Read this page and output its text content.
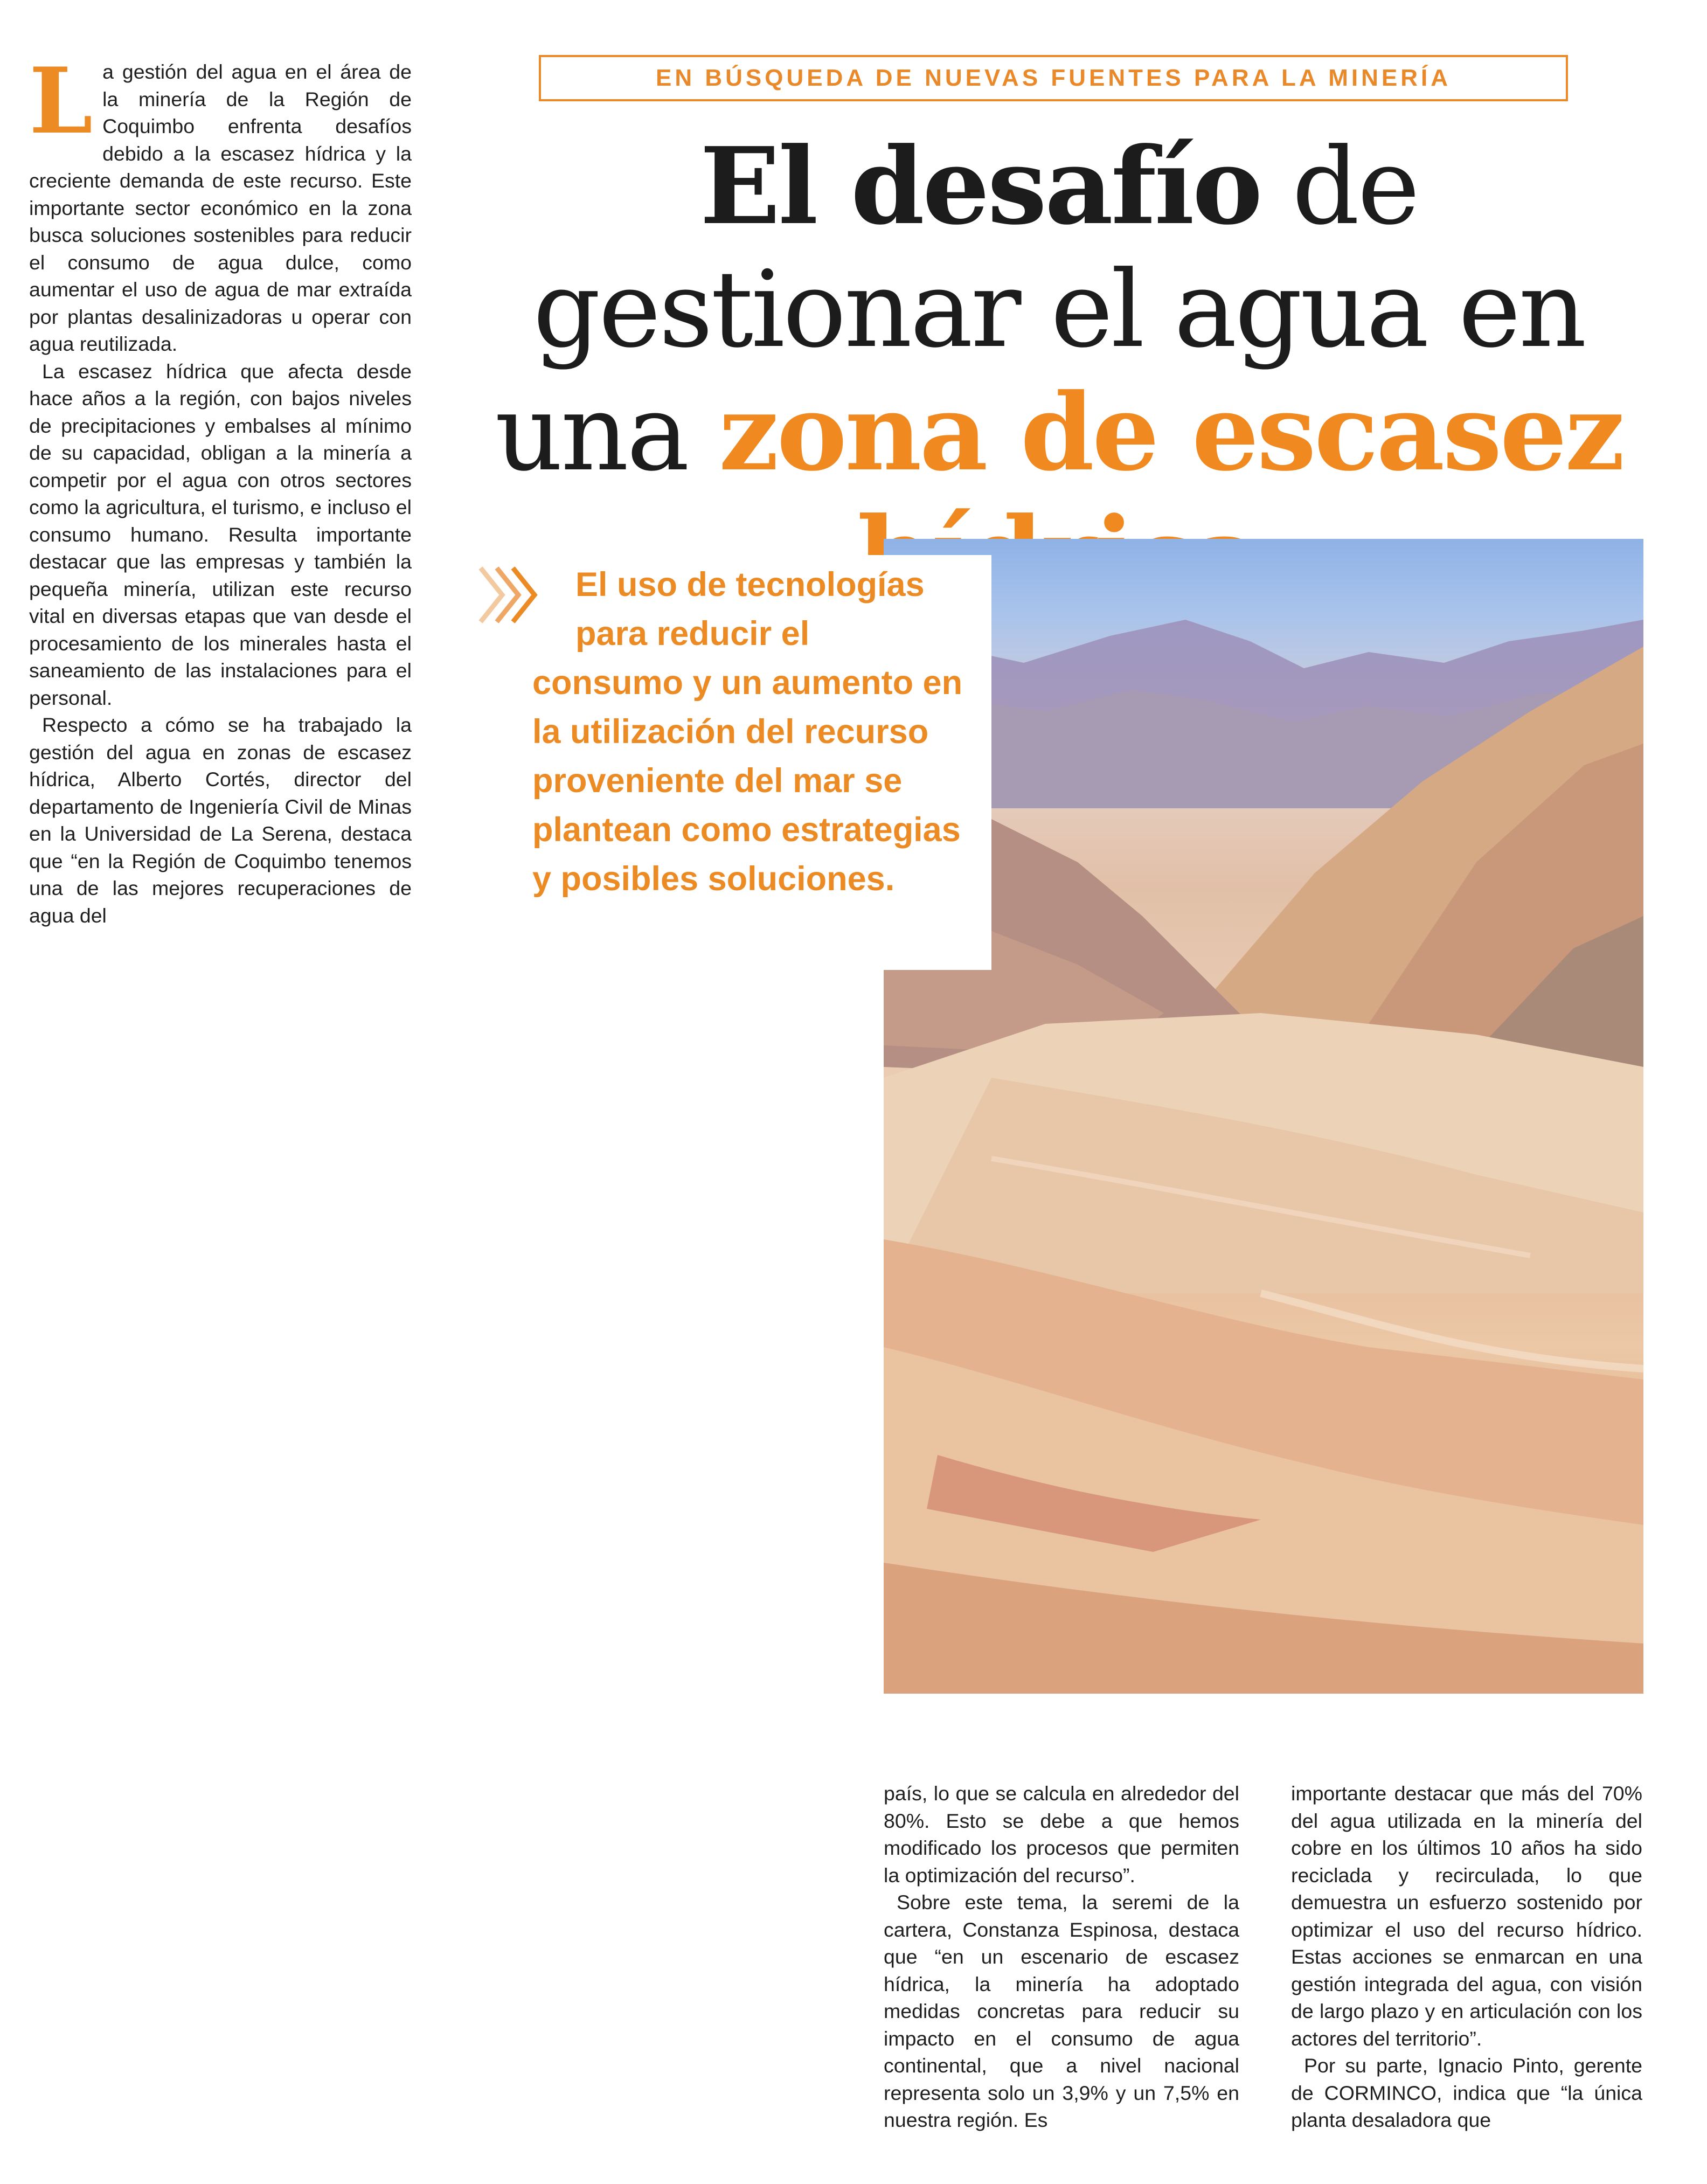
La gestión del agua en el área de la minería de la Región de Coquimbo enfrenta desafíos debido a la escasez hídrica y la creciente demanda de este recurso. Este importante sector económico en la zona busca soluciones sostenibles para reducir el consumo de agua dulce, como aumentar el uso de agua de mar extraída por plantas desalinizadoras u operar con agua reutilizada.

La escasez hídrica que afecta desde hace años a la región, con bajos niveles de precipitaciones y embalses al mínimo de su capacidad, obligan a la minería a competir por el agua con otros sectores como la agricultura, el turismo, e incluso el consumo humano. Resulta importante destacar que las empresas y también la pequeña minería, utilizan este recurso vital en diversas etapas que van desde el procesamiento de los minerales hasta el saneamiento de las instalaciones para el personal.

Respecto a cómo se ha trabajado la gestión del agua en zonas de escasez hídrica, Alberto Cortés, director del departamento de Ingeniería Civil de Minas en la Universidad de La Serena, destaca que “en la Región de Coquimbo tenemos una de las mejores recuperaciones de agua del

EN BÚSQUEDA DE NUEVAS FUENTES PARA LA MINERÍA
El desafío de gestionar el agua en una zona de escasez

El uso de tecnologías
para reducir el
consumo y un aumento en la utilización del recurso proveniente del mar se plantean como estrategias y posibles soluciones.

país, lo que se calcula en alrededor del 80%. Esto se debe a que hemos modificado los procesos que permiten la optimización del recurso”.

Sobre este tema, la seremi de la cartera, Constanza Espinosa, destaca que “en un escenario de escasez hídrica, la minería ha adoptado medidas concretas para reducir su impacto en el consumo de agua continental, que a nivel nacional representa solo un 3,9% y un 7,5% en nuestra región. Es

importante destacar que más del 70% del agua utilizada en la minería del cobre en los últimos 10 años ha sido reciclada y recirculada, lo que demuestra un esfuerzo sostenido por optimizar el uso del recurso hídrico. Estas acciones se enmarcan en una gestión integrada del agua, con visión de largo plazo y en articulación con los actores del territorio”.

Por su parte, Ignacio Pinto, gerente de CORMINCO, indica que “la única planta desaladora que
